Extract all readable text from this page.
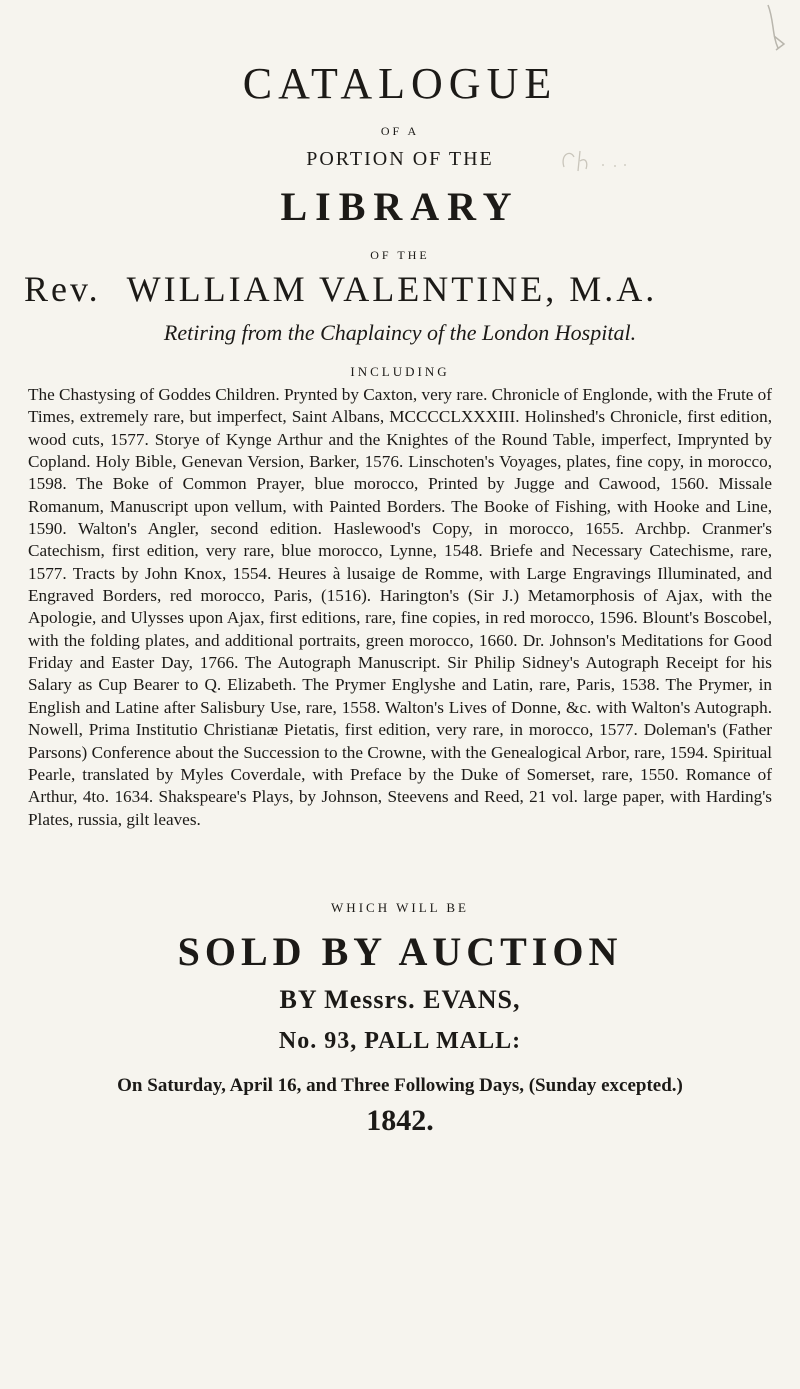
CATALOGUE
OF A
PORTION OF THE
LIBRARY
OF THE
Rev. WILLIAM VALENTINE, M.A.
Retiring from the Chaplaincy of the London Hospital.
INCLUDING
The Chastysing of Goddes Children. Prynted by Caxton, very rare. Chronicle of Englonde, with the Frute of Times, extremely rare, but imperfect, Saint Albans, MCCCCLXXXIII. Holinshed's Chronicle, first edition, wood cuts, 1577. Storye of Kynge Arthur and the Knightes of the Round Table, imperfect, Imprynted by Copland. Holy Bible, Genevan Version, Barker, 1576. Linschoten's Voyages, plates, fine copy, in morocco, 1598. The Boke of Common Prayer, blue morocco, Printed by Jugge and Cawood, 1560. Missale Romanum, Manuscript upon vellum, with Painted Borders. The Booke of Fishing, with Hooke and Line, 1590. Walton's Angler, second edition. Haslewood's Copy, in morocco, 1655. Archbp. Cranmer's Catechism, first edition, very rare, blue morocco, Lynne, 1548. Briefe and Necessary Catechisme, rare, 1577. Tracts by John Knox, 1554. Heures à lusaige de Romme, with Large Engravings Illuminated, and Engraved Borders, red morocco, Paris, (1516). Harington's (Sir J.) Metamorphosis of Ajax, with the Apologie, and Ulysses upon Ajax, first editions, rare, fine copies, in red morocco, 1596. Blount's Boscobel, with the folding plates, and additional portraits, green morocco, 1660. Dr. Johnson's Meditations for Good Friday and Easter Day, 1766. The Autograph Manuscript. Sir Philip Sidney's Autograph Receipt for his Salary as Cup Bearer to Q. Elizabeth. The Prymer Englyshe and Latin, rare, Paris, 1538. The Prymer, in English and Latine after Salisbury Use, rare, 1558. Walton's Lives of Donne, &c. with Walton's Autograph. Nowell, Prima Institutio Christianæ Pietatis, first edition, very rare, in morocco, 1577. Doleman's (Father Parsons) Conference about the Succession to the Crowne, with the Genealogical Arbor, rare, 1594. Spiritual Pearle, translated by Myles Coverdale, with Preface by the Duke of Somerset, rare, 1550. Romance of Arthur, 4to. 1634. Shakspeare's Plays, by Johnson, Steevens and Reed, 21 vol. large paper, with Harding's Plates, russia, gilt leaves.
WHICH WILL BE
SOLD BY AUCTION
BY Messrs. EVANS,
No. 93, PALL MALL:
On Saturday, April 16, and Three Following Days, (Sunday excepted.)
1842.
